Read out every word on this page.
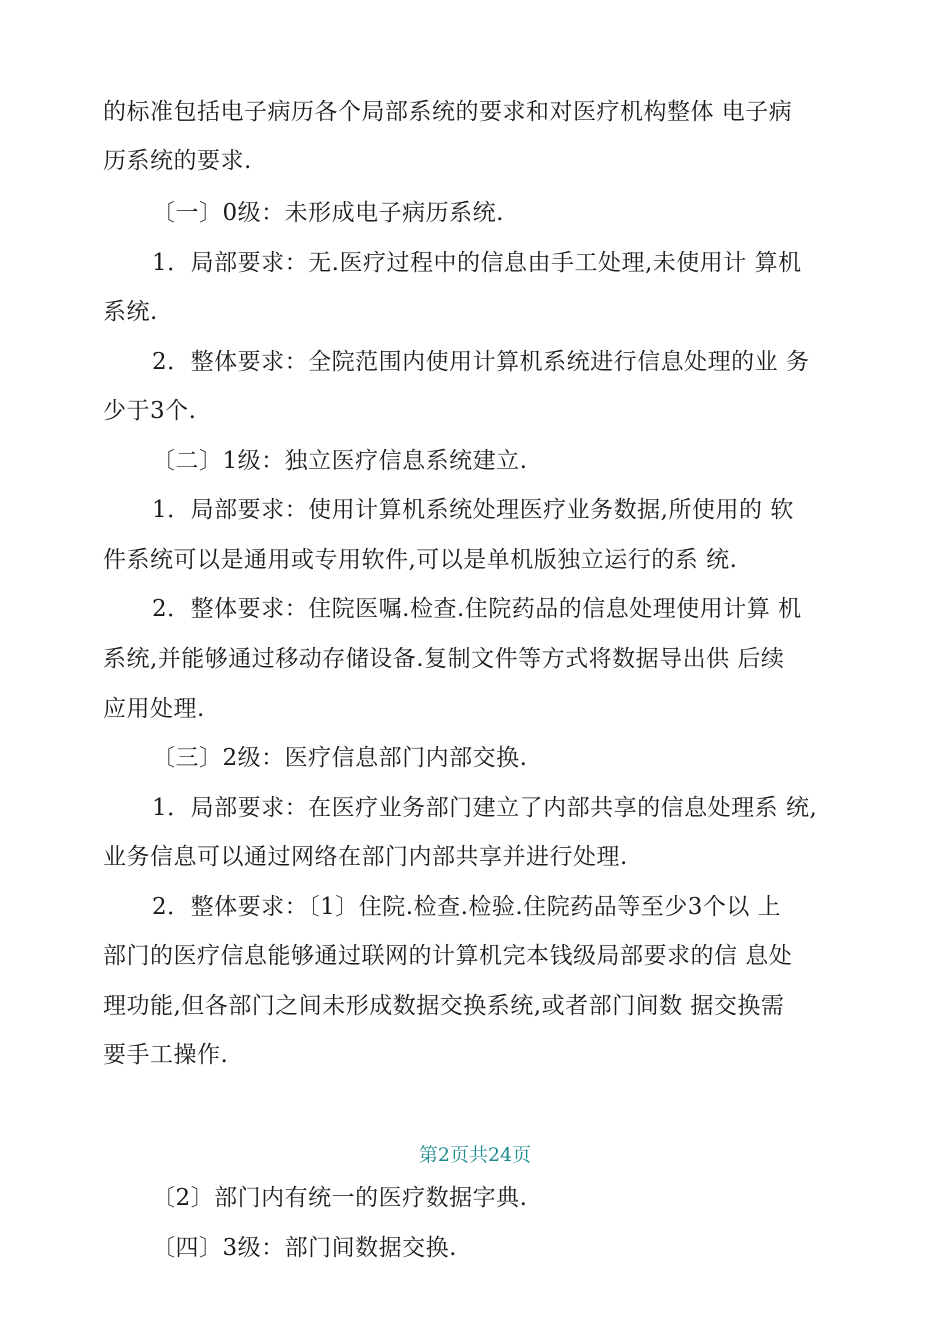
的标准包括电子病历各个局部系统的要求和对医疗机构整体 电子病
历系统的要求.
〔一〕0级：未形成电子病历系统.
1．局部要求：无.医疗过程中的信息由手工处理,未使用计 算机
系统.
2．整体要求：全院范围内使用计算机系统进行信息处理的业 务
少于3个.
〔二〕1级：独立医疗信息系统建立.
1．局部要求：使用计算机系统处理医疗业务数据,所使用的 软
件系统可以是通用或专用软件,可以是单机版独立运行的系 统.
2．整体要求：住院医嘱.检查.住院药品的信息处理使用计算 机
系统,并能够通过移动存储设备.复制文件等方式将数据导出供 后续
应用处理.
〔三〕2级：医疗信息部门内部交换.
1．局部要求：在医疗业务部门建立了内部共享的信息处理系 统,
业务信息可以通过网络在部门内部共享并进行处理.
2．整体要求：〔1〕住院.检查.检验.住院药品等至少3个以 上
部门的医疗信息能够通过联网的计算机完本钱级局部要求的信 息处
理功能,但各部门之间未形成数据交换系统,或者部门间数 据交换需
要手工操作.
第2页共24页
〔2〕部门内有统一的医疗数据字典.
〔四〕3级：部门间数据交换.
